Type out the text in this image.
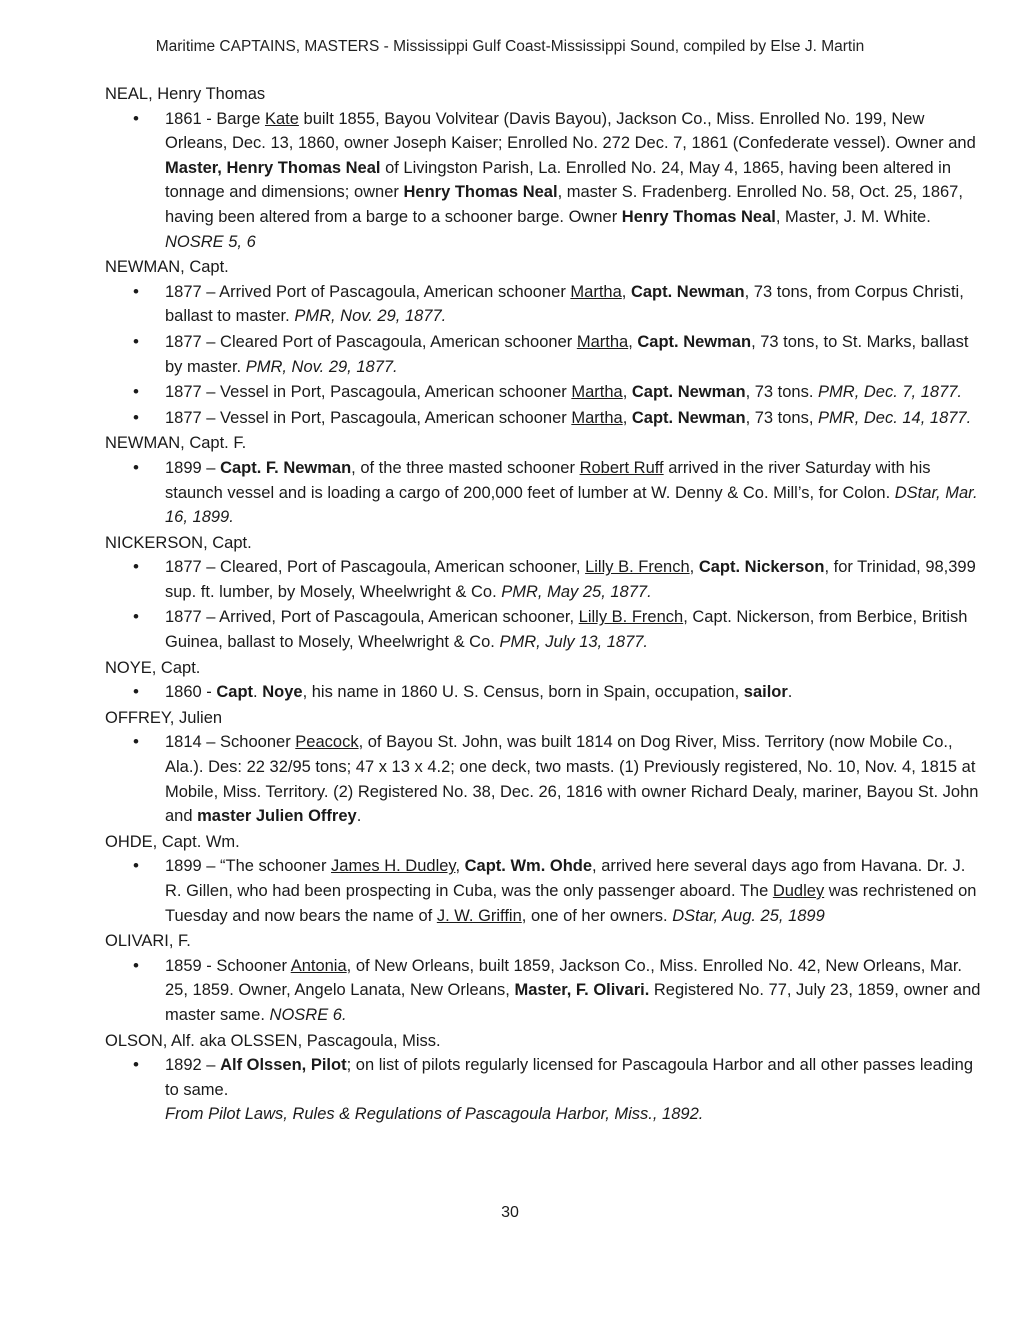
Maritime CAPTAINS, MASTERS - Mississippi Gulf Coast-Mississippi Sound, compiled by Else J. Martin
NEAL, Henry Thomas
• 1861 - Barge Kate built 1855, Bayou Volvitear (Davis Bayou), Jackson Co., Miss. Enrolled No. 199, New Orleans, Dec. 13, 1860, owner Joseph Kaiser; Enrolled No. 272 Dec. 7, 1861 (Confederate vessel). Owner and Master, Henry Thomas Neal of Livingston Parish, La. Enrolled No. 24, May 4, 1865, having been altered in tonnage and dimensions; owner Henry Thomas Neal, master S. Fradenberg. Enrolled No. 58, Oct. 25, 1867, having been altered from a barge to a schooner barge. Owner Henry Thomas Neal, Master, J. M. White. NOSRE 5, 6
NEWMAN, Capt.
• 1877 – Arrived Port of Pascagoula, American schooner Martha, Capt. Newman, 73 tons, from Corpus Christi, ballast to master. PMR, Nov. 29, 1877.
• 1877 – Cleared Port of Pascagoula, American schooner Martha, Capt. Newman, 73 tons, to St. Marks, ballast by master. PMR, Nov. 29, 1877.
• 1877 – Vessel in Port, Pascagoula, American schooner Martha, Capt. Newman, 73 tons. PMR, Dec. 7, 1877.
• 1877 – Vessel in Port, Pascagoula, American schooner Martha, Capt. Newman, 73 tons, PMR, Dec. 14, 1877.
NEWMAN, Capt. F.
• 1899 – Capt. F. Newman, of the three masted schooner Robert Ruff arrived in the river Saturday with his staunch vessel and is loading a cargo of 200,000 feet of lumber at W. Denny & Co. Mill’s, for Colon. DStar, Mar. 16, 1899.
NICKERSON, Capt.
• 1877 – Cleared, Port of Pascagoula, American schooner, Lilly B. French, Capt. Nickerson, for Trinidad, 98,399 sup. ft. lumber, by Mosely, Wheelwright & Co. PMR, May 25, 1877.
• 1877 – Arrived, Port of Pascagoula, American schooner, Lilly B. French, Capt. Nickerson, from Berbice, British Guinea, ballast to Mosely, Wheelwright & Co. PMR, July 13, 1877.
NOYE, Capt.
• 1860 - Capt. Noye, his name in 1860 U. S. Census, born in Spain, occupation, sailor.
OFFREY, Julien
• 1814 – Schooner Peacock, of Bayou St. John, was built 1814 on Dog River, Miss. Territory (now Mobile Co., Ala.). Des: 22 32/95 tons; 47 x 13 x 4.2; one deck, two masts. (1) Previously registered, No. 10, Nov. 4, 1815 at Mobile, Miss. Territory. (2) Registered No. 38, Dec. 26, 1816 with owner Richard Dealy, mariner, Bayou St. John and master Julien Offrey.
OHDE, Capt. Wm.
• 1899 – “The schooner James H. Dudley, Capt. Wm. Ohde, arrived here several days ago from Havana. Dr. J. R. Gillen, who had been prospecting in Cuba, was the only passenger aboard. The Dudley was rechristened on Tuesday and now bears the name of J. W. Griffin, one of her owners. DStar, Aug. 25, 1899
OLIVARI, F.
• 1859 - Schooner Antonia, of New Orleans, built 1859, Jackson Co., Miss. Enrolled No. 42, New Orleans, Mar. 25, 1859. Owner, Angelo Lanata, New Orleans, Master, F. Olivari. Registered No. 77, July 23, 1859, owner and master same. NOSRE 6.
OLSON, Alf. aka OLSSEN, Pascagoula, Miss.
• 1892 – Alf Olssen, Pilot; on list of pilots regularly licensed for Pascagoula Harbor and all other passes leading to same.
From Pilot Laws, Rules & Regulations of Pascagoula Harbor, Miss., 1892.
30
